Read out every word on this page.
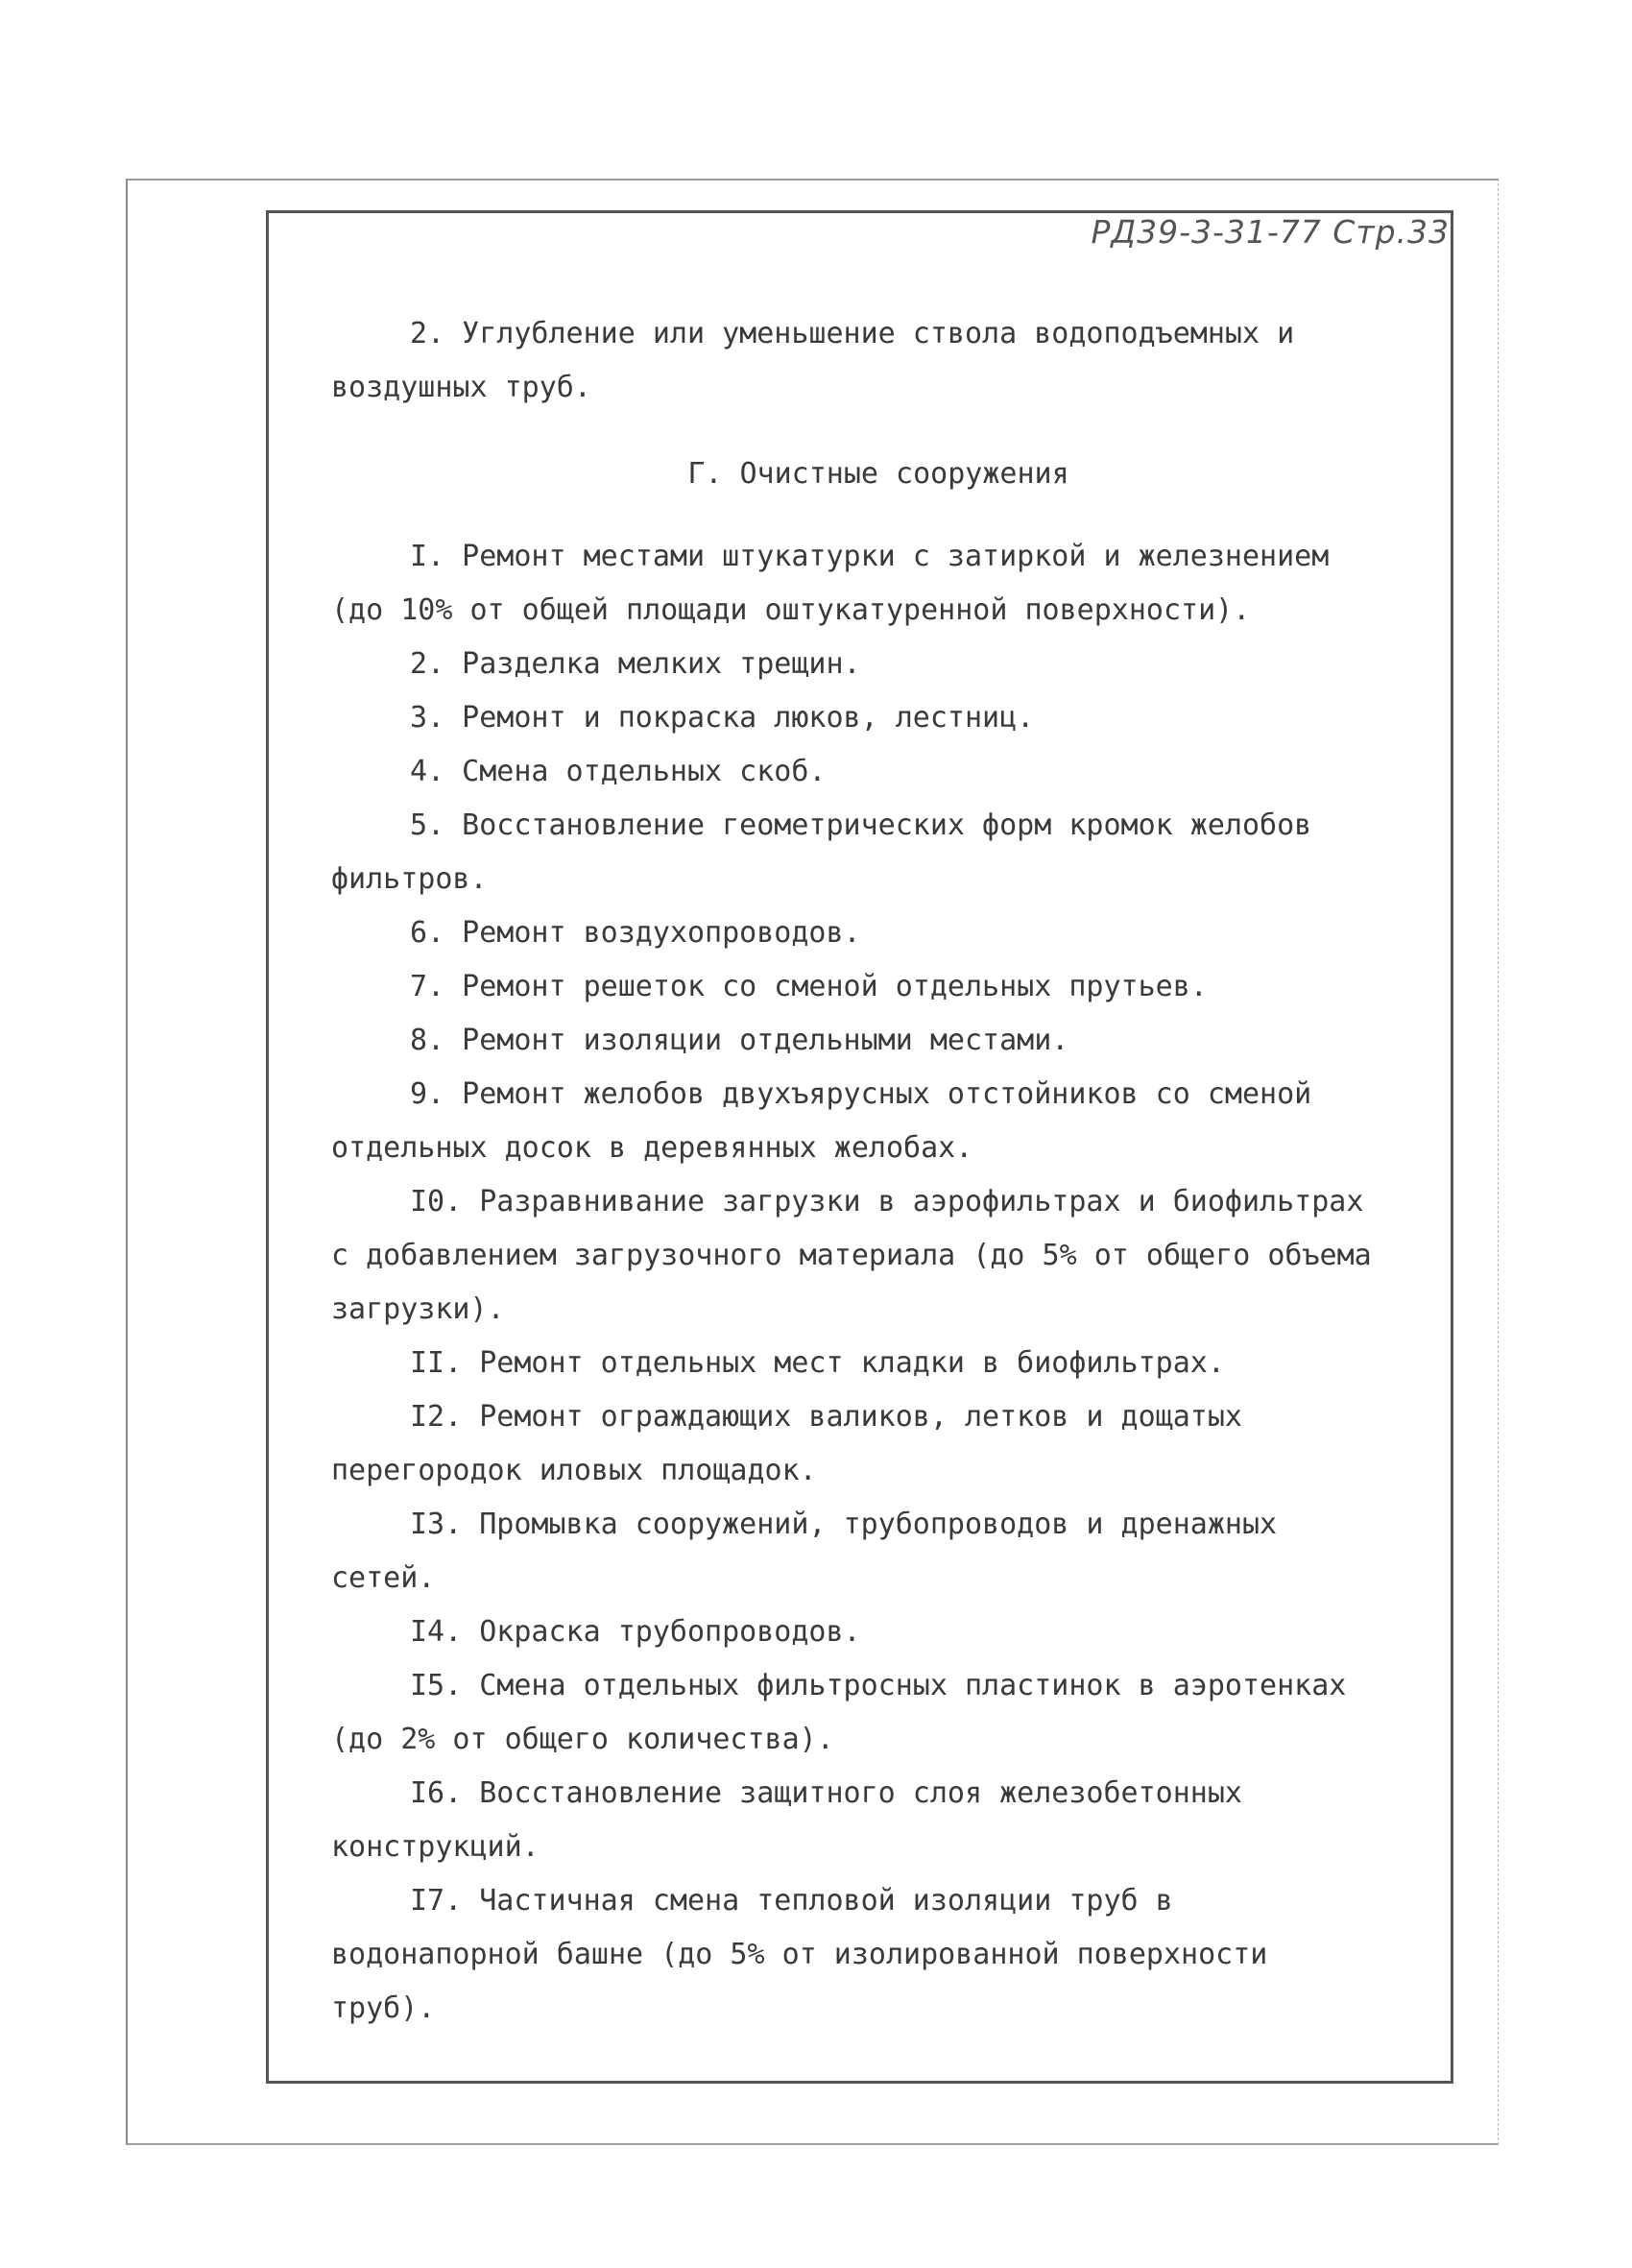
РД39-3-31-77 Стр.33

2. Углубление или уменьшение ствола водоподъемных и воздушных труб.

Г. Очистные сооружения

I. Ремонт местами штукатурки с затиркой и железнением (до 10% от общей площади оштукатуренной поверхности).

2. Разделка мелких трещин.

3. Ремонт и покраска люков, лестниц.

4. Смена отдельных скоб.

5. Восстановление геометрических форм кромок желобов фильтров.

6. Ремонт воздухопроводов.

7. Ремонт решеток со сменой отдельных прутьев.

8. Ремонт изоляции отдельными местами.

9. Ремонт желобов двухъярусных отстойников со сменой отдельных досок в деревянных желобах.

I0. Разравнивание загрузки в аэрофильтрах и биофильтрах с добавлением загрузочного материала (до 5% от общего объема загрузки).

II. Ремонт отдельных мест кладки в биофильтрах.

I2. Ремонт ограждающих валиков, летков и дощатых перегородок иловых площадок.

I3. Промывка сооружений, трубопроводов и дренажных сетей.

I4. Окраска трубопроводов.

I5. Смена отдельных фильтросных пластинок в аэротенках (до 2% от общего количества).

I6. Восстановление защитного слоя железобетонных конструкций.

I7. Частичная смена тепловой изоляции труб в водонапорной башне (до 5% от изолированной поверхности труб).
